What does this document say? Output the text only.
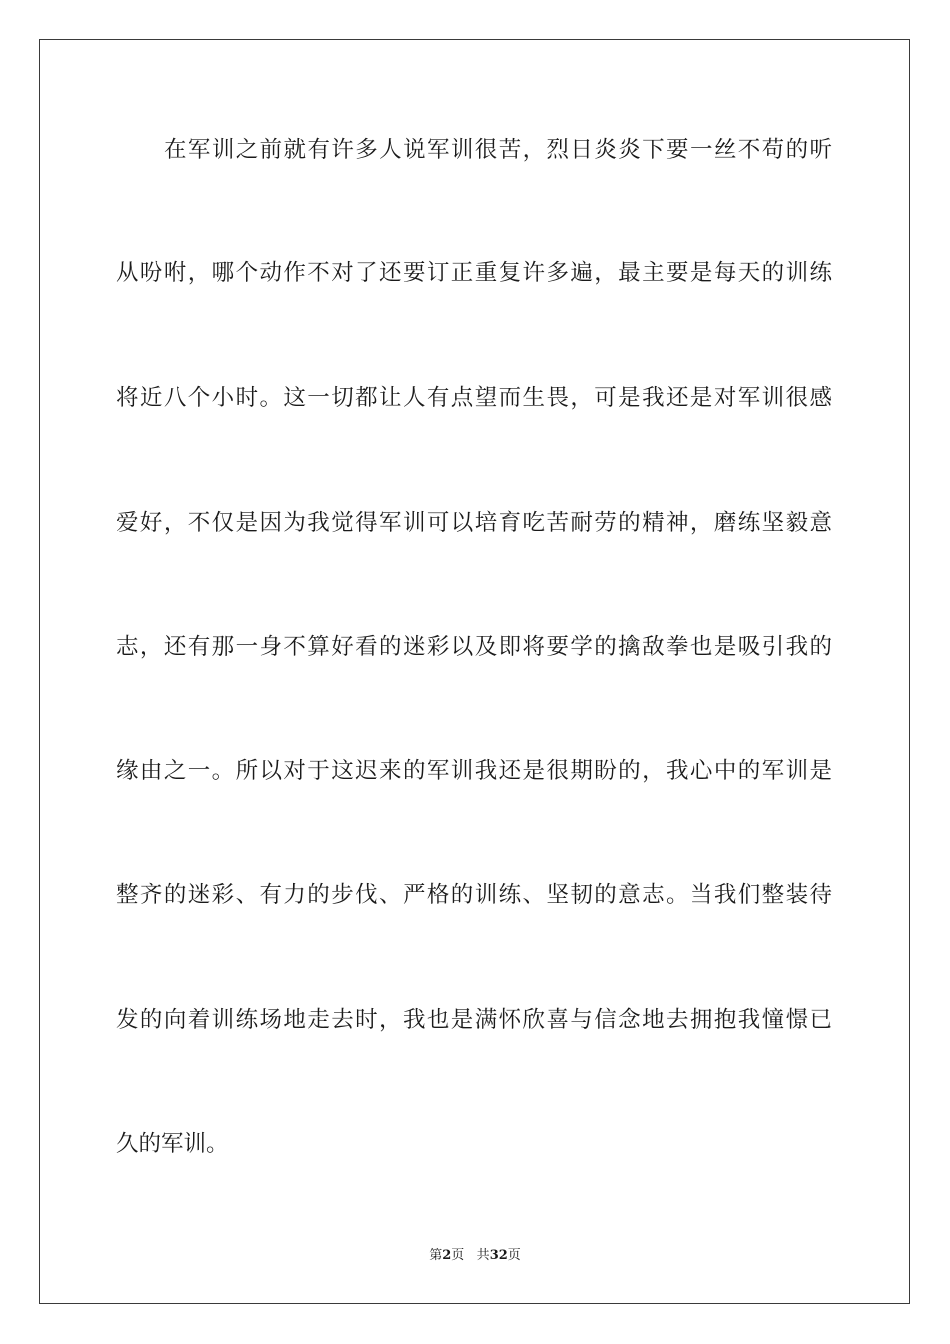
在军训之前就有许多人说军训很苦，烈日炎炎下要一丝不苟的听
从吩咐，哪个动作不对了还要订正重复许多遍，最主要是每天的训练
将近八个小时。这一切都让人有点望而生畏，可是我还是对军训很感
爱好，不仅是因为我觉得军训可以培育吃苦耐劳的精神，磨练坚毅意
志，还有那一身不算好看的迷彩以及即将要学的擒敌拳也是吸引我的
缘由之一。所以对于这迟来的军训我还是很期盼的，我心中的军训是
整齐的迷彩、有力的步伐、严格的训练、坚韧的意志。当我们整装待
发的向着训练场地走去时，我也是满怀欣喜与信念地去拥抱我憧憬已
久的军训。
第2页 共32页
